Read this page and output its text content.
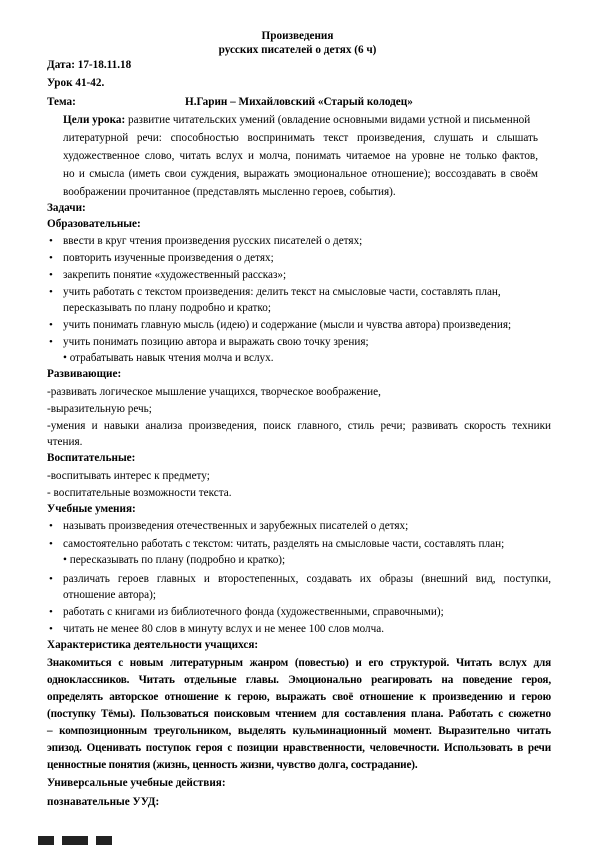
Произведения
русских писателей о детях (6 ч)
Дата: 17-18.11.18
Урок 41-42.
Тема:	Н.Гарин – Михайловский «Старый колодец»
Цели урока: развитие читательских умений (овладение основными видами устной и письменной
литературной речи: способностью воспринимать текст произведения, слушать и слышать
художественное слово, читать вслух и молча, понимать читаемое на уровне не только фактов,
но и смысла (иметь свои суждения, выражать эмоциональное отношение); воссоздавать в своём
воображении прочитанное (представлять мысленно героев, события).
Задачи:
Образовательные:
• ввести в круг чтения произведения русских писателей о детях;
• повторить изученные произведения о детях;
• закрепить понятие «художественный рассказ»;
• учить работать с текстом произведения: делить текст на смысловые части, составлять план,
пересказывать по плану подробно и кратко;
• учить понимать главную мысль (идею) и содержание (мысли и чувства автора) произведения;
• учить понимать позицию автора и выражать свою точку зрения;
• отрабатывать навык чтения молча и вслух.
Развивающие:
-развивать логическое мышление учащихся, творческое воображение,
-выразительную речь;
-умения и навыки анализа произведения, поиск главного, стиль речи; развивать скорость техники
чтения.
Воспитательные:
-воспитывать интерес к предмету;
- воспитательные возможности текста.
Учебные умения:
• называть произведения отечественных и зарубежных писателей о детях;
• самостоятельно работать с текстом: читать, разделять на смысловые части, составлять план;
• пересказывать по плану (подробно и кратко);
• различать героев главных и второстепенных, создавать их образы (внешний вид, поступки,
отношение автора);
• работать с книгами из библиотечного фонда (художественными, справочными);
• читать не менее 80 слов в минуту вслух и не менее 100 слов молча.
Характеристика деятельности учащихся:
Знакомиться с новым литературным жанром (повестью) и его структурой. Читать вслух для
одноклассников. Читать отдельные главы. Эмоционально реагировать на поведение героя,
определять авторское отношение к герою, выражать своё отношение к произведению и герою
(поступку Тёмы). Пользоваться поисковым чтением для составления плана. Работать с сюжетно
– композиционным треугольником, выделять кульминационный момент. Выразительно читать
эпизод. Оценивать поступок героя с позиции нравственности, человечности. Использовать в речи
ценностные понятия (жизнь, ценность жизни, чувство долга, сострадание).
Универсальные учебные действия:
познавательные УУД:
